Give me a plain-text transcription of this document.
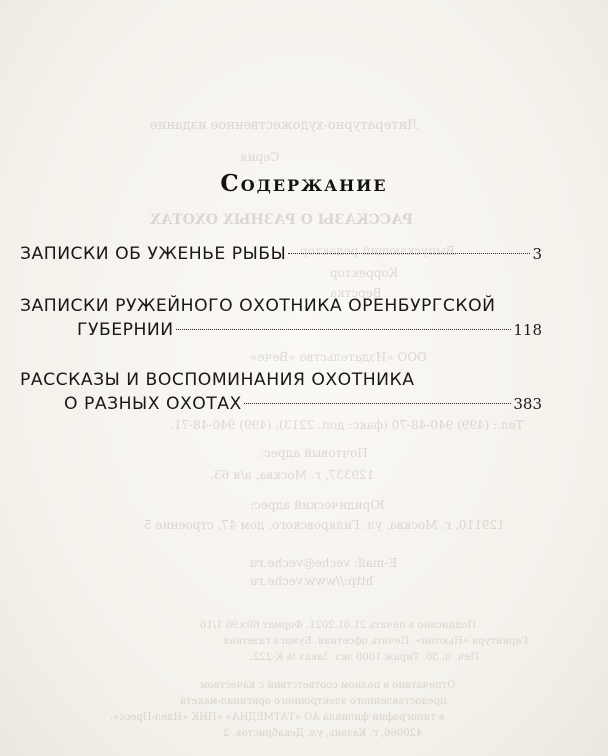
Литературно-художественное издание
Серия
РАССКАЗЫ О РАЗНЫХ ОХОТАХ
Выпускающий редактор
Корректор
Верстка
ООО «Издательство «Вече»
Тел.: (499) 940-48-70 (факс: доп. 2213), (499) 940-48-71.
Почтовый адрес:
129337, г. Москва, а/я 63.
Юридический адрес:
129110, г. Москва, ул. Гиляровского, дом 47, строение 5.
E-mail: veche@veche.ru
http://www.veche.ru
Подписано в печать 21.01.2021. Формат 60×90 1/16
Гарнитура «Ньютон». Печать офсетная. Бумага газетная.
Печ. л. 30. Тираж 1000 экз. Заказ № К-222.
Отпечатано в полном соответствии с качеством
предоставленного электронного оригинал-макета
в типографии филиала АО «ТАТМЕДИА» «ПИК «Идел-Пресс».
420066, г. Казань, ул. Декабристов, 2.
Содержание
ЗАПИСКИ ОБ УЖЕНЬЕ РЫБЫ	3
ЗАПИСКИ РУЖЕЙНОГО ОХОТНИКА ОРЕНБУРГСКОЙ
ГУБЕРНИИ	118
РАССКАЗЫ И ВОСПОМИНАНИЯ ОХОТНИКА
О РАЗНЫХ ОХОТАХ	383
